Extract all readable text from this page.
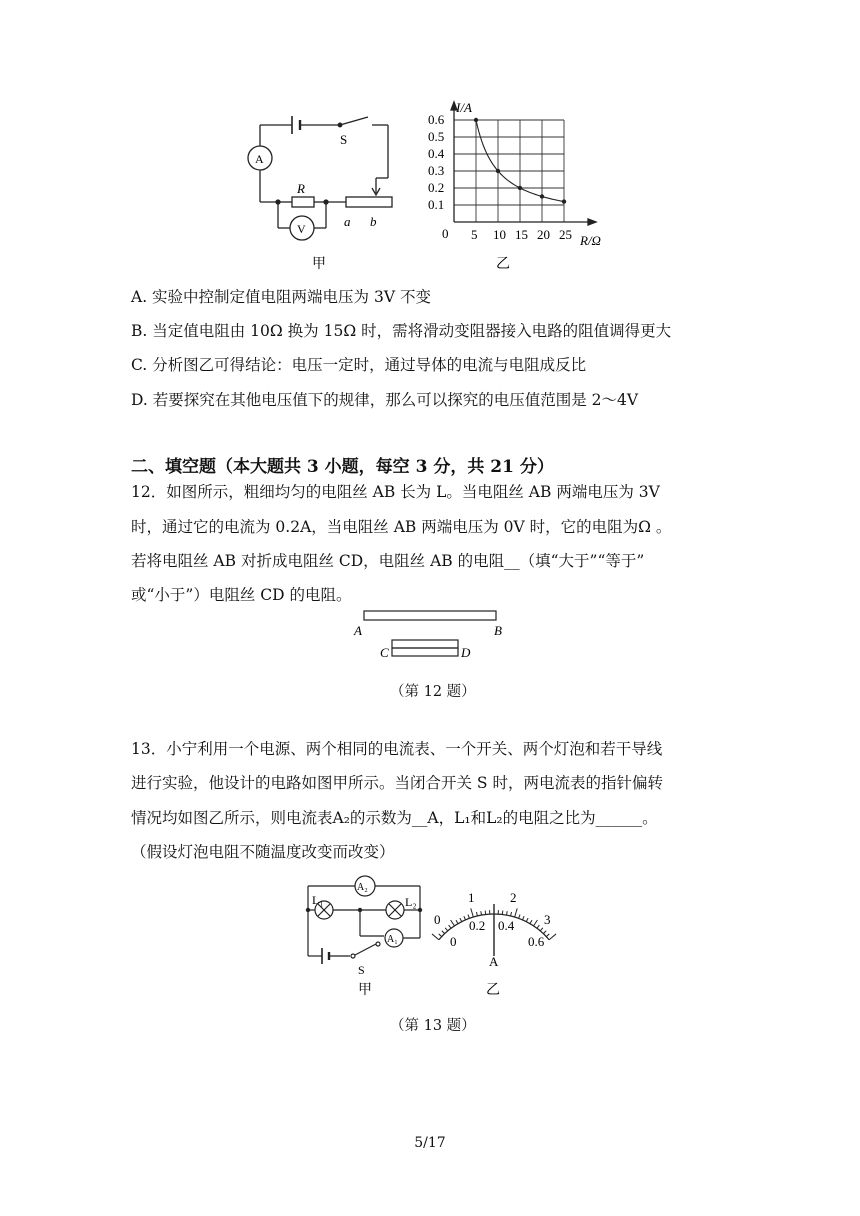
S
A
V
R
a b
甲
5 10 15 20 25
0.1
0.2
0.3
0.4
0.5
0.6
I/A
R/Ω
0
乙
A. 实验中控制定值电阻两端电压为 3V 不变
B. 当定值电阻由 10Ω 换为 15Ω 时，需将滑动变阻器接入电路的阻值调得更大
C. 分析图乙可得结论：电压一定时，通过导体的电流与电阻成反比
D. 若要探究在其他电压值下的规律，那么可以探究的电压值范围是 2～4V
二、填空题（本大题共 3 小题，每空 3 分，共 21 分）
12．如图所示，粗细均匀的电阻丝 AB 长为 L。当电阻丝 AB 两端电压为 3V
时，通过它的电流为 0.2A，当电阻丝 AB 两端电压为 0V 时，它的电阻为Ω 。
若将电阻丝 AB 对折成电阻丝 CD，电阻丝 AB 的电阻__（填“大于”“等于”
或“小于”）电阻丝 CD 的电阻。
A	B
C	D
（第 12 题）
13．小宁利用一个电源、两个相同的电流表、一个开关、两个灯泡和若干导线
进行实验，他设计的电路如图甲所示。当闭合开关 S 时，两电流表的指针偏转
情况均如图乙所示，则电流表A₂的示数为__A，L₁和L₂的电阻之比为______。
（假设灯泡电阻不随温度改变而改变）
L₁	L₂
A₂
A₁
S
甲
0
1	2
3
0
0.2 0.4
0.6
A
乙
（第 13 题）
5/17
